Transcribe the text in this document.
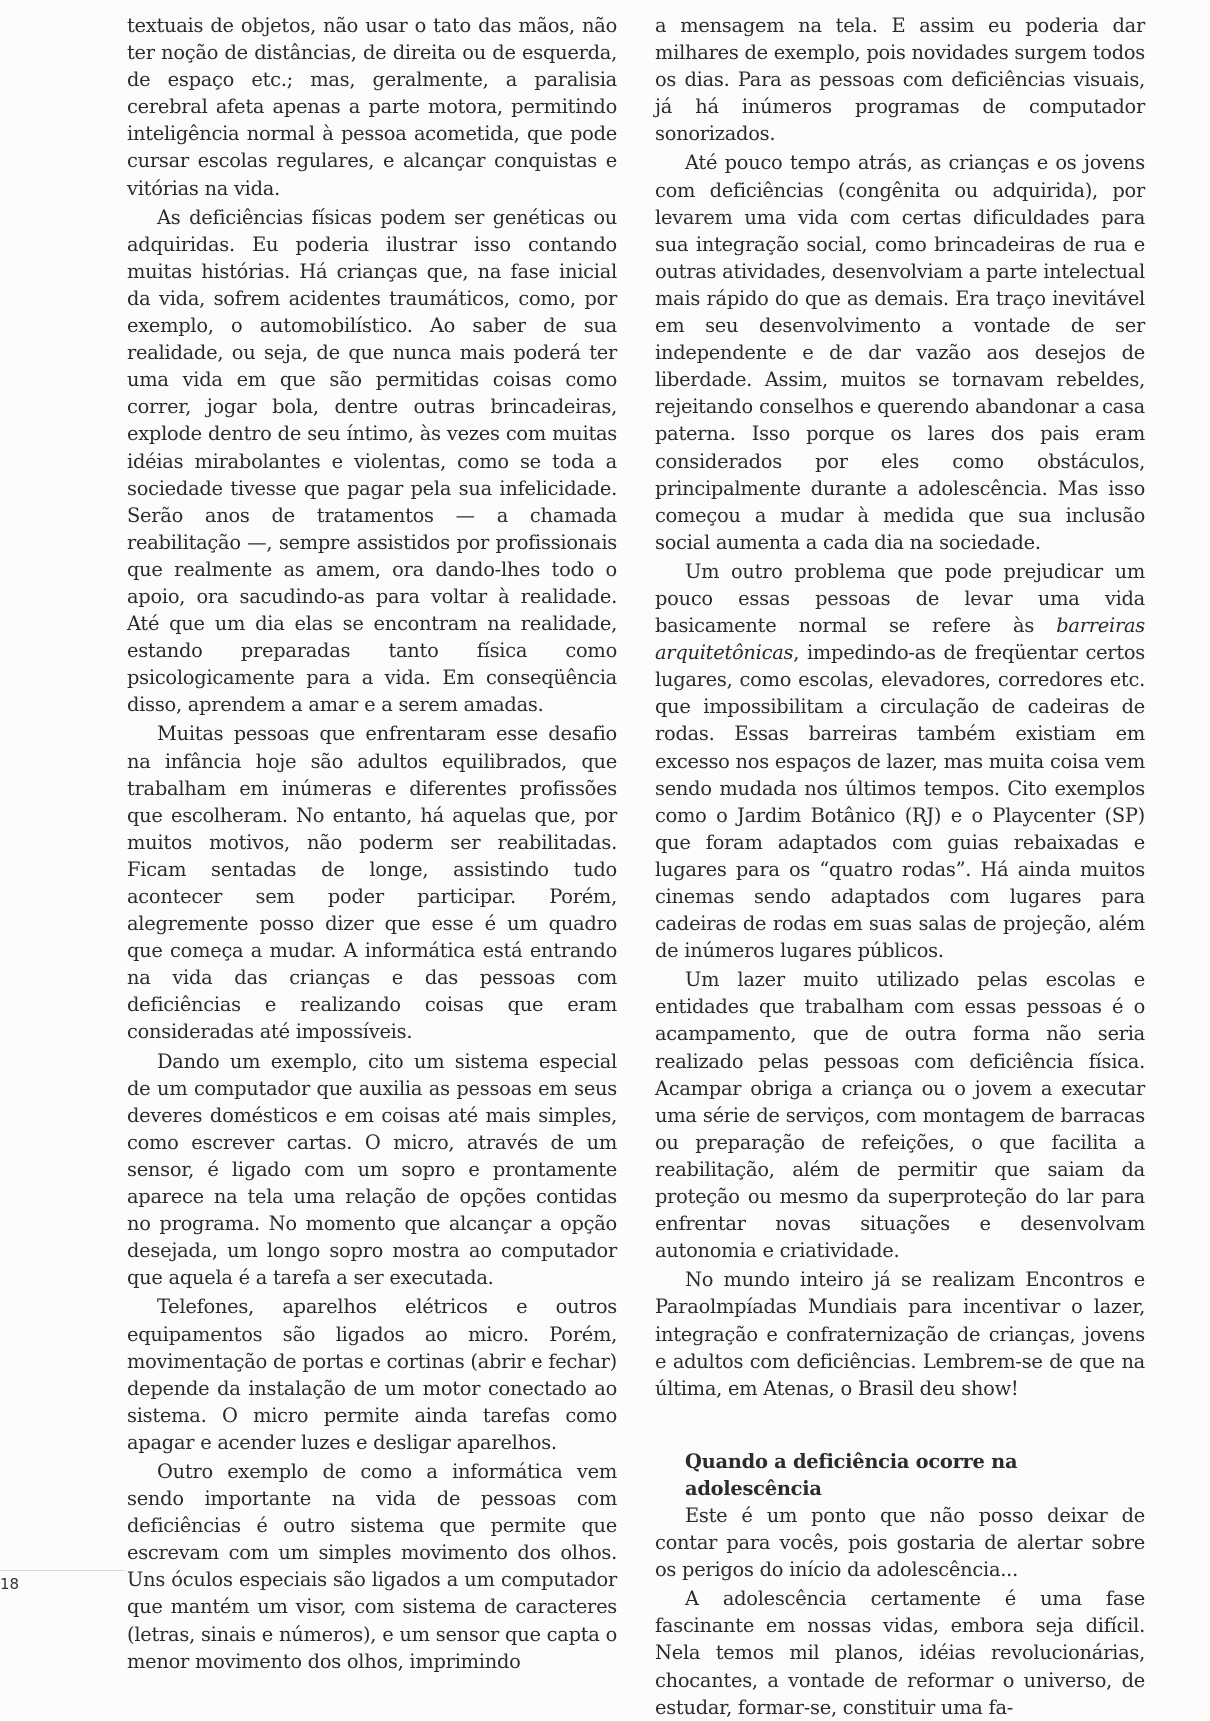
textuais de objetos, não usar o tato das mãos, não ter noção de distâncias, de direita ou de esquerda, de espaço etc.; mas, geralmente, a paralisia cerebral afeta apenas a parte motora, permitindo inteligência normal à pessoa acometida, que pode cursar escolas regulares, e alcançar conquistas e vitórias na vida.

As deficiências físicas podem ser genéticas ou adquiridas. Eu poderia ilustrar isso contando muitas histórias. Há crianças que, na fase inicial da vida, sofrem acidentes traumáticos, como, por exemplo, o automobilístico. Ao saber de sua realidade, ou seja, de que nunca mais poderá ter uma vida em que são permitidas coisas como correr, jogar bola, dentre outras brincadeiras, explode dentro de seu íntimo, às vezes com muitas idéias mirabolantes e violentas, como se toda a sociedade tivesse que pagar pela sua infelicidade. Serão anos de tratamentos — a chamada reabilitação —, sempre assistidos por profissionais que realmente as amem, ora dando-lhes todo o apoio, ora sacudindo-as para voltar à realidade. Até que um dia elas se encontram na realidade, estando preparadas tanto física como psicologicamente para a vida. Em conseqüência disso, aprendem a amar e a serem amadas.

Muitas pessoas que enfrentaram esse desafio na infância hoje são adultos equilibrados, que trabalham em inúmeras e diferentes profissões que escolheram. No entanto, há aquelas que, por muitos motivos, não poderm ser reabilitadas. Ficam sentadas de longe, assistindo tudo acontecer sem poder participar. Porém, alegremente posso dizer que esse é um quadro que começa a mudar. A informática está entrando na vida das crianças e das pessoas com deficiências e realizando coisas que eram consideradas até impossíveis.

Dando um exemplo, cito um sistema especial de um computador que auxilia as pessoas em seus deveres domésticos e em coisas até mais simples, como escrever cartas. O micro, através de um sensor, é ligado com um sopro e prontamente aparece na tela uma relação de opções contidas no programa. No momento que alcançar a opção desejada, um longo sopro mostra ao computador que aquela é a tarefa a ser executada.

Telefones, aparelhos elétricos e outros equipamentos são ligados ao micro. Porém, movimentação de portas e cortinas (abrir e fechar) depende da instalação de um motor conectado ao sistema. O micro permite ainda tarefas como apagar e acender luzes e desligar aparelhos.

Outro exemplo de como a informática vem sendo importante na vida de pessoas com deficiências é outro sistema que permite que escrevam com um simples movimento dos olhos. Uns óculos especiais são ligados a um computador que mantém um visor, com sistema de caracteres (letras, sinais e números), e um sensor que capta o menor movimento dos olhos, imprimindo

a mensagem na tela. E assim eu poderia dar milhares de exemplo, pois novidades surgem todos os dias. Para as pessoas com deficiências visuais, já há inúmeros programas de computador sonorizados.

Até pouco tempo atrás, as crianças e os jovens com deficiências (congênita ou adquirida), por levarem uma vida com certas dificuldades para sua integração social, como brincadeiras de rua e outras atividades, desenvolviam a parte intelectual mais rápido do que as demais. Era traço inevitável em seu desenvolvimento a vontade de ser independente e de dar vazão aos desejos de liberdade. Assim, muitos se tornavam rebeldes, rejeitando conselhos e querendo abandonar a casa paterna. Isso porque os lares dos pais eram considerados por eles como obstáculos, principalmente durante a adolescência. Mas isso começou a mudar à medida que sua inclusão social aumenta a cada dia na sociedade.

Um outro problema que pode prejudicar um pouco essas pessoas de levar uma vida basicamente normal se refere às barreiras arquitetônicas, impedindo-as de freqüentar certos lugares, como escolas, elevadores, corredores etc. que impossibilitam a circulação de cadeiras de rodas. Essas barreiras também existiam em excesso nos espaços de lazer, mas muita coisa vem sendo mudada nos últimos tempos. Cito exemplos como o Jardim Botânico (RJ) e o Playcenter (SP) que foram adaptados com guias rebaixadas e lugares para os “quatro rodas”. Há ainda muitos cinemas sendo adaptados com lugares para cadeiras de rodas em suas salas de projeção, além de inúmeros lugares públicos.

Um lazer muito utilizado pelas escolas e entidades que trabalham com essas pessoas é o acampamento, que de outra forma não seria realizado pelas pessoas com deficiência física. Acampar obriga a criança ou o jovem a executar uma série de serviços, com montagem de barracas ou preparação de refeições, o que facilita a reabilitação, além de permitir que saiam da proteção ou mesmo da superproteção do lar para enfrentar novas situações e desenvolvam autonomia e criatividade.

No mundo inteiro já se realizam Encontros e Paraolmpíadas Mundiais para incentivar o lazer, integração e confraternização de crianças, jovens e adultos com deficiências. Lembrem-se de que na última, em Atenas, o Brasil deu show!

Quando a deficiência ocorre na adolescência

Este é um ponto que não posso deixar de contar para vocês, pois gostaria de alertar sobre os perigos do início da adolescência...

A adolescência certamente é uma fase fascinante em nossas vidas, embora seja difícil. Nela temos mil planos, idéias revolucionárias, chocantes, a vontade de reformar o universo, de estudar, formar-se, constituir uma fa-

18
